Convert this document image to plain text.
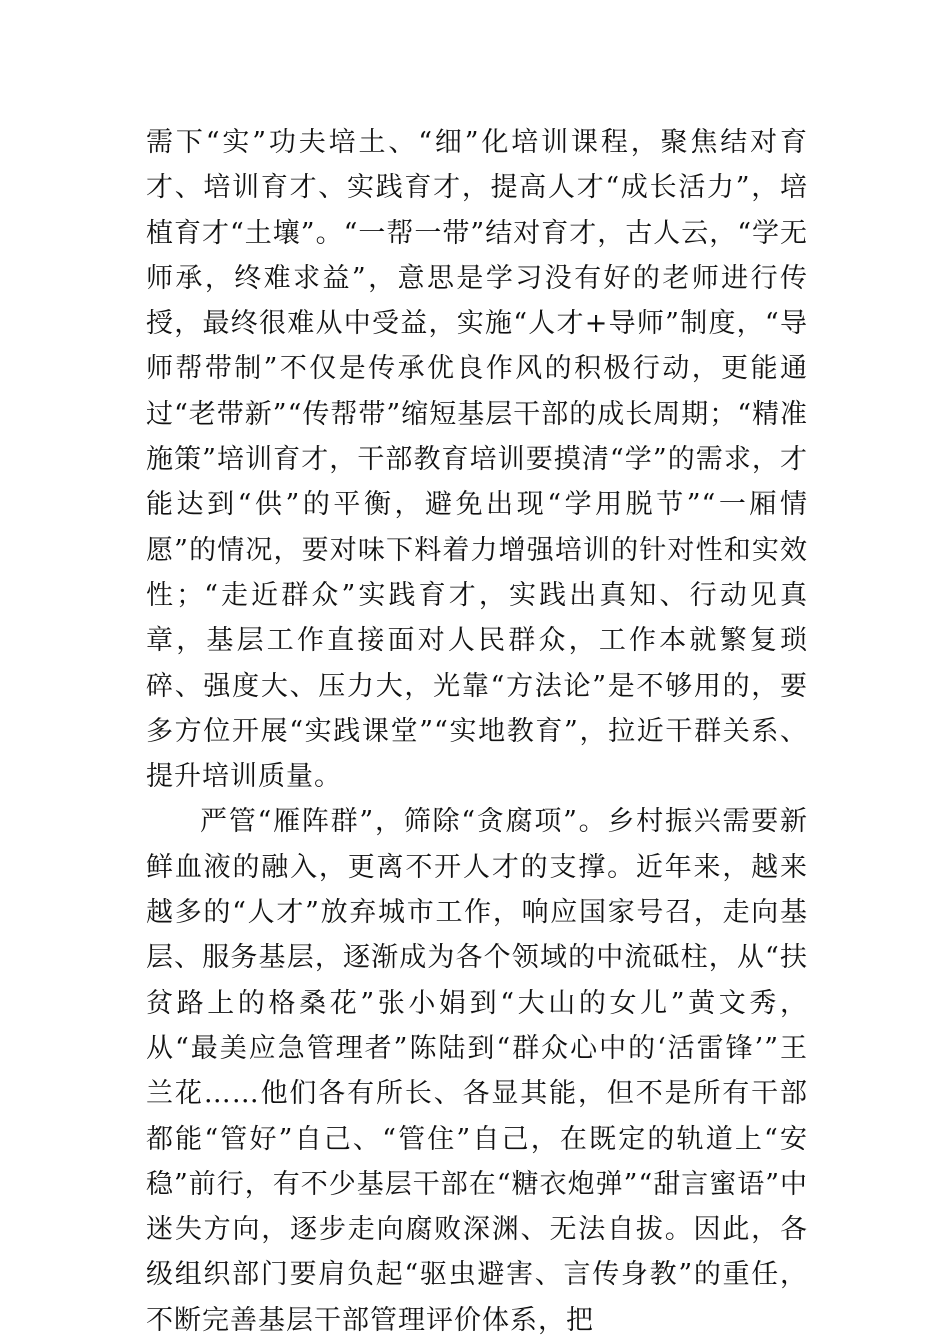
需下“实”功夫培土、“细”化培训课程，聚焦结对育才、培训育才、实践育才，提高人才“成长活力”，培植育才“土壤”。“一帮一带”结对育才，古人云，“学无师承，终难求益”，意思是学习没有好的老师进行传授，最终很难从中受益，实施“人才+导师”制度，“导师帮带制”不仅是传承优良作风的积极行动，更能通过“老带新”“传帮带”缩短基层干部的成长周期；“精准施策”培训育才，干部教育培训要摸清“学”的需求，才能达到“供”的平衡，避免出现“学用脱节”“一厢情愿”的情况，要对味下料着力增强培训的针对性和实效性；“走近群众”实践育才，实践出真知、行动见真章，基层工作直接面对人民群众，工作本就繁复琐碎、强度大、压力大，光靠“方法论”是不够用的，要多方位开展“实践课堂”“实地教育”，拉近干群关系、提升培训质量。

严管“雁阵群”，筛除“贪腐项”。乡村振兴需要新鲜血液的融入，更离不开人才的支撑。近年来，越来越多的“人才”放弃城市工作，响应国家号召，走向基层、服务基层，逐渐成为各个领域的中流砥柱，从“扶贫路上的格桑花”张小娟到“大山的女儿”黄文秀，从“最美应急管理者”陈陆到“群众心中的‘活雷锋’”王兰花……他们各有所长、各显其能，但不是所有干部都能“管好”自己、“管住”自己，在既定的轨道上“安稳”前行，有不少基层干部在“糖衣炮弹”“甜言蜜语”中迷失方向，逐步走向腐败深渊、无法自拔。因此，各级组织部门要肩负起“驱虫避害、言传身教”的重任，不断完善基层干部管理评价体系，把
